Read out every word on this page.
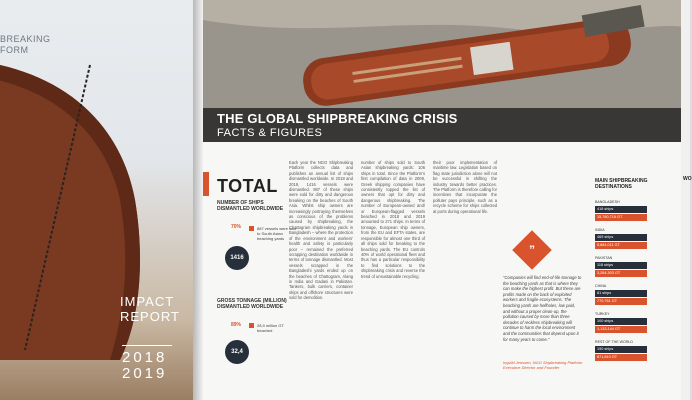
BREAKING
FORM
IMPACT
REPORT
2018
2019
THE GLOBAL SHIPBREAKING CRISIS
FACTS & FIGURES
TOTAL
NUMBER OF SHIPS DISMANTLED WORLDWIDE
70%	887 vessels were sold to South Asian beaching yards
1416
GROSS TONNAGE (MILLION) DISMANTLED WORLDWIDE
89%	28,9 million GT beached
32,4
Each year the NGO Shipbreaking Platform collects data and publishes an annual list of ships dismantled worldwide. In 2018 and 2019, 1416 vessels were dismantled. 987 of these ships were sold for dirty and dangerous breaking on the beaches of South Asia. Whilst ship owners are increasingly portraying themselves as conscious of the problems caused by shipbreaking, the Chattogram shipbreaking yards in Bangladesh – where the protection of the environment and workers' health and safety is particularly poor – remained the preferred scrapping destination worldwide in terms of tonnage dismantled. Most vessels scrapped in the Bangladeshi yards ended up on the beaches of Chattogram, Alang in India and Gadani in Pakistan. Tankers, bulk carriers, container ships and offshore structures were sold for demolition.
number of ships sold to South Asian shipbreaking yards: 106 ships in total. Since the Platform's first compilation of data in 2009, Greek shipping companies have consistently topped the list of owners that opt for dirty and dangerous shipbreaking. The number of European-owned and/ or European-flagged vessels beached in 2018 and 2019 amounted to 271 ships. In terms of tonnage, European ship owners, from the EU and EFTA states, are responsible for almost one third of all ships sold for breaking to the beaching yards. The EU controls 40% of world operational fleet and thus has a particular responsibility to find solutions to the shipbreaking crisis and reverse the trend of unsustainable recycling.
their poor implementation of maritime law. Legislation based on flag state jurisdiction alone will not be successful in shifting the industry towards better practices. The Platform is therefore calling for incentives that incorporate the polluter pays principle, such as a recycle scheme for ships collected at ports during operational life.
”
"Companies will find end-of-life tonnage to the beaching yards as that is where they can make the highest profit. But these are profits made on the back of exploited workers and fragile ecosystems. The beaching yards are hellholes, low paid, and without a proper clean-up, the pollution caused by more than three decades of reckless shipbreaking will continue to harm the local environment and the communities that depend upon it for many years to come."
Ingvild Jenssen, NGO Shipbreaking Platform Executive Director and Founder
MAIN SHIPBREAKING DESTINATIONS
BANGLADESH
418 ships
15,780,716 GT
INDIA
469 ships
5,884,011 GT
PAKISTAN
118 ships
3,264,303 GT
CHINA
81 ships
770,761 GT
TURKEY
100 ships
1,133,144 GT
REST OF THE WORLD
190 ships
871,810 GT
WO
